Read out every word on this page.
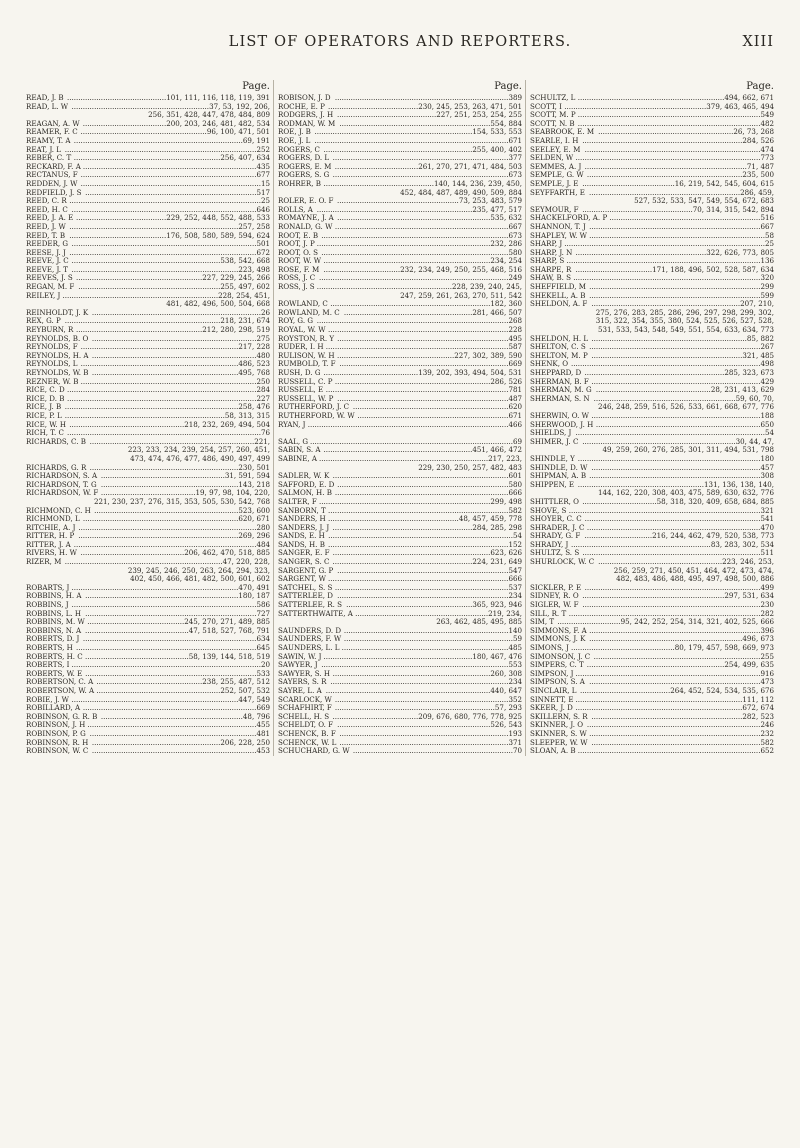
LIST OF OPERATORS AND REPORTERS.	XIII
Page.
READ, J. B ............................................ 101, 111, 116, 118, 119, 391
READ, L. W ............................................................. 37, 53, 192, 206,
256, 351, 428, 447, 478, 484, 809
REAGAN, A. W ..................................... 200, 203, 246, 481, 482, 534
REAMER, F. C ........................................................ 96, 100, 471, 501
REAMY, T. A ........................................................................... 69, 191
REAT, J. L ..................................................................................... 252
REBER, C. T ................................................................. 256, 407, 634
RECKARD, F. A ............................................................................. 435
RECTANUS, F .............................................................................. 677
REDDEN, J. W ................................................................................ 15
REDFIELD, J. S ............................................................................ 517
REED, C. R ..................................................................................... 25
REED, H. C .................................................................................. 646
REED, J. A. E ........................................ 229, 252, 448, 552, 488, 533
REED, J. W ........................................................................... 257, 258
REED, T. B ........................................... 176, 508, 580, 589, 594, 624
REEDER, G .................................................................................. 501
REESE, J. J ................................................................................... 672
REEVE, J. C .................................................................. 538, 542, 668
REEVE, J. T .......................................................................... 223, 498
REEVES, J. S ........................................................ 227, 229, 245, 266
REGAN, M. F ............................................................... 255, 497, 602
REILEY, J ..................................................................... 228, 254, 451,
481, 482, 496, 500, 504, 668
REINHOLDT, J. K ........................................................................... 26
REX, G. P ..................................................................... 218, 231, 674
REYBURN, R ........................................................ 212, 280, 298, 519
REYNOLDS, B. O ......................................................................... 275
REYNOLDS, F ...................................................................... 217, 228
REYNOLDS, H. A ......................................................................... 480
REYNOLDS, L ...................................................................... 486, 523
REYNOLDS, W. B ................................................................. 495, 768
REZNER, W. B .............................................................................. 250
RICE, C. D .................................................................................... 284
RICE, D. B .................................................................................... 227
RICE, J. B ............................................................................. 258, 476
RICE, P. L ....................................................................... 58, 313, 315
RICE, W. H ................................................... 218, 232, 269, 494, 504
RICH, T. C ...................................................................................... 76
RICHARDS, C. B ......................................................................... 221,
223, 233, 234, 239, 254, 257, 260, 451,
473, 474, 476, 477, 486, 490, 497, 499
RICHARDS, G. R .................................................................. 230, 501
RICHARDSON, S. A ....................................................... 31, 591, 594
RICHARDSON, T. G ............................................................. 143, 218
RICHARDSON, W. F .......................................... 19, 97, 98, 104, 220,
221, 230, 237, 276, 315, 353, 505, 530, 542, 768
RICHMOND, C. H ................................................................ 523, 600
RICHMOND, L ..................................................................... 620, 671
RITCHIE, A. J ............................................................................... 280
RITTER, H. P ....................................................................... 269, 296
RITTER, J. A ................................................................................. 484
RIVERS, H. W .............................................. 206, 462, 470, 518, 885
RIZER, M ...................................................................... 47, 220, 228,
239, 245, 246, 250, 263, 264, 294, 323,
402, 450, 466, 481, 482, 500, 601, 602
ROBARTS, J .......................................................................... 470, 491
ROBBINS, H. A .................................................................... 180, 187
ROBBINS, J .................................................................................. 586
ROBBINS, L. H ............................................................................ 727
ROBBINS, M. W ........................................... 245, 270, 271, 489, 885
ROBBINS, N. A .............................................. 47, 518, 527, 768, 791
ROBERTS, D. J ............................................................................. 634
ROBERTS, H ................................................................................ 645
ROBERTS, H. C .............................................. 58, 139, 144, 518, 519
ROBERTS, I .................................................................................... 20
ROBERTS, W. E ............................................................................ 533
ROBERTSON, C. A ............................................... 238, 255, 487, 512
ROBERTSON, W. A ....................................................... 252, 507, 532
ROBIE, J. W .......................................................................... 447, 549
ROBILLARD, A ............................................................................. 669
ROBINSON, G. R. B ............................................................... 48, 796
ROBINSON, J. H ........................................................................... 455
ROBINSON, P. G .......................................................................... 481
ROBINSON, R. H ......................................................... 206, 228, 250
ROBINSON, W. C ......................................................................... 453
Page.
ROBISON, J. D ............................................................................. 389
ROCHE, E. P ........................................ 230, 245, 253, 263, 471, 501
RODGERS, J. H ............................................ 227, 251, 253, 254, 255
RODMAN, W. M ................................................................... 554, 884
ROE, J. B ...................................................................... 154, 533, 553
ROE, J. L ...................................................................................... 671
ROGERS, C .................................................................. 255, 400, 402
ROGERS, D. L .............................................................................. 377
ROGERS, E. M ..................................... 261, 270, 271, 471, 484, 503
ROGERS, S. G .............................................................................. 673
ROHRER, B ................................................. 140, 144, 236, 239, 450,
452, 484, 487, 489, 490, 509, 884
ROLER, E. O. F ...................................................... 73, 253, 483, 579
ROLLS, A ..................................................................... 235, 477, 517
ROMAYNE, J. A .................................................................... 535, 632
RONALD, G. W ............................................................................. 667
ROOT, E. B ................................................................................... 673
ROOT, J. P ............................................................................. 232, 286
ROOT, O. S ................................................................................... 580
ROOT, W. W .......................................................................... 234, 254
ROSE, F. M .................................. 232, 234, 249, 250, 255, 468, 516
ROSS, J. C .................................................................................... 249
ROSS, J. S ............................................................ 228, 239, 240, 245,
247, 259, 261, 263, 270, 511, 542
ROWLAND, C ....................................................................... 182, 360
ROWLAND, M. C ......................................................... 281, 466, 507
ROY, G. G ..................................................................................... 268
ROYAL, W. W ................................................................................ 228
ROYSTON, R. Y ............................................................................ 495
RUDER, I. H ................................................................................. 587
RULISON, W. H .................................................... 227, 302, 389, 590
RUMBOLD, T. F ........................................................................... 669
RUSH, D. G .......................................... 139, 202, 393, 494, 504, 531
RUSSELL, C. P ..................................................................... 286, 526
RUSSELL, E ................................................................................. 781
RUSSELL, W. P ............................................................................ 487
RUTHERFORD, J. C ..................................................................... 620
RUTHERFORD, W. W ................................................................... 671
RYAN, J ......................................................................................... 466
SAAL, G .......................................................................................... 69
SABIN, S. A .................................................................. 451, 466, 472
SABINE, A ........................................................................... 217, 223,
229, 230, 250, 257, 482, 483
SADLER, W. K .............................................................................. 601
SAFFORD, E. D ............................................................................ 580
SALMON, H. B ............................................................................. 666
SALTER, F ............................................................................ 299, 498
SANBORN, T ................................................................................ 582
SANDERS, H .......................................................... 48, 457, 459, 778
SANDERS, J. J .............................................................. 284, 285, 298
SANDS, E. H .................................................................................. 54
SANDS, H. B ................................................................................ 152
SANGER, E. F ...................................................................... 623, 626
SANGER, S. C .............................................................. 224, 231, 649
SARGENT, G. P ............................................................................ 547
SARGENT, W ................................................................................ 666
SATCHEL, S. S ............................................................................. 537
SATTERLEE, D ............................................................................ 234
SATTERLEE, R. S ........................................................ 365, 923, 946
SATTERTHWAITE, A ........................................................... 219, 234,
263, 462, 485, 495, 885
SAUNDERS, D. D ......................................................................... 140
SAUNDERS, F. W ........................................................................... 59
SAUNDERS, L. L .......................................................................... 485
SAWIN, W. J .................................................................. 180, 467, 476
SAWYER, J ................................................................................... 553
SAWYER, S. H ...................................................................... 260, 308
SAYERS, S. R ............................................................................... 234
SAYRE, L. A ......................................................................... 440, 647
SCARLOCK, W ............................................................................. 352
SCHAFHIRT, F ....................................................................... 57, 293
SCHELL, H. S ...................................... 209, 676, 680, 776, 778, 925
SCHELDT, O. F .................................................................... 526, 543
SCHENCK, B. F ........................................................................... 193
SCHENCK, W. L ........................................................................... 371
SCHUCHARD, G. W ....................................................................... 70
Page.
SCHULTZ, L ................................................................. 494, 662, 671
SCOTT, I ............................................................... 379, 463, 465, 494
SCOTT, M. P ................................................................................. 549
SCOTT, N. B ................................................................................. 482
SEABROOK, E. M ............................................................ 26, 73, 268
SEARLE, I. H ....................................................................... 284, 526
SEELEY, E. M .............................................................................. 474
SELDEN, W .................................................................................. 773
SEMMES, A. J ........................................................................ 71, 487
SEMPLE, G. W ..................................................................... 235, 500
SEMPLE, J. E ......................................... 16, 219, 542, 545, 604, 615
SEYFFARTH, E ................................................................... 286, 459,
527, 532, 533, 547, 549, 554, 672, 683
SEYMOUR, F ................................................. 70, 314, 315, 542, 894
SHACKELFORD, A. P ................................................................... 516
SHANNON, T. J ............................................................................ 667
SHAPLEY, W. W .............................................................................. 58
SHARP, J ......................................................................................... 25
SHARP, J. N .......................................................... 322, 626, 773, 805
SHARP, S ...................................................................................... 136
SHARPE, R .................................. 171, 188, 496, 502, 528, 587, 634
SHAW, B. S ................................................................................... 320
SHEFFIELD, M ............................................................................ 299
SHEKELL, A. B ............................................................................ 599
SHELDON, A. F .................................................................. 207, 210,
275, 276, 283, 285, 286, 296, 297, 298, 299, 302,
315, 322, 354, 355, 380, 524, 525, 526, 527, 528,
531, 533, 543, 548, 549, 551, 554, 633, 634, 773
SHELDON, H. L ..................................................................... 85, 882
SHELTON, C. S ............................................................................ 267
SHELTON, M. P ................................................................... 321, 485
SHENK, O .................................................................................... 498
SHEPPARD, D .............................................................. 285, 323, 673
SHERMAN, B. F ........................................................................... 429
SHERMAN, M. G ................................................... 28, 231, 413, 629
SHERMAN, S. N ............................................................... 59, 60, 70,
246, 248, 259, 516, 526, 533, 661, 668, 677, 776
SHERWIN, O. W ........................................................................... 188
SHERWOOD, J. H ......................................................................... 650
SHIELDS, J .................................................................................... 54
SHIMER, J. C .................................................................... 30, 44, 47,
49, 259, 260, 276, 285, 301, 311, 494, 531, 798
SHINDLE, Y ................................................................................. 180
SHINDLE, D. W ........................................................................... 457
SHIPMAN, A. B ............................................................................ 308
SHIPPEN, E ........................................................ 131, 136, 138, 140,
144, 162, 220, 308, 403, 475, 589, 630, 632, 776
SHITTLER, O ................................. 58, 318, 320, 409, 658, 684, 885
SHOVE, S ..................................................................................... 321
SHOYER, C. C .............................................................................. 541
SHRADER, J. C ............................................................................. 470
SHRADY, G. F .............................. 216, 244, 462, 479, 520, 538, 773
SHRADY, J .............................................................. 83, 283, 302, 534
SHULTZ, S. S ............................................................................... 511
SHURLOCK, W. C ....................................................... 223, 246, 253,
256, 259, 271, 450, 451, 464, 472, 473, 474,
482, 483, 486, 488, 495, 497, 498, 500, 886
SICKLER, P. E .............................................................................. 499
SIDNEY, R. O ............................................................... 297, 531, 634
SIGLER, W. F ............................................................................... 230
SILL, R. T ..................................................................................... 282
SIM, T ............................ 95, 242, 252, 254, 314, 321, 402, 525, 666
SIMMONS, F. A ............................................................................ 396
SIMMONS, J. K .................................................................... 496, 673
SIMONS, J .............................................. 80, 179, 457, 598, 669, 973
SIMONSON, J. C .......................................................................... 255
SIMPERS, C. T ............................................................. 254, 499, 635
SIMPSON, J .................................................................................. 916
SIMPSON, S. A ............................................................................ 473
SINCLAIR, L ........................................ 264, 452, 524, 534, 535, 676
SINNETT, E .......................................................................... 111, 112
SKEER, J. D .......................................................................... 672, 674
SKILLERN, S. R ................................................................... 282, 523
SKINNER, J. O ............................................................................. 246
SKINNER, S. W ............................................................................ 232
SLEEPER, W. W ........................................................................... 582
SLOAN, A. B ................................................................................. 652
